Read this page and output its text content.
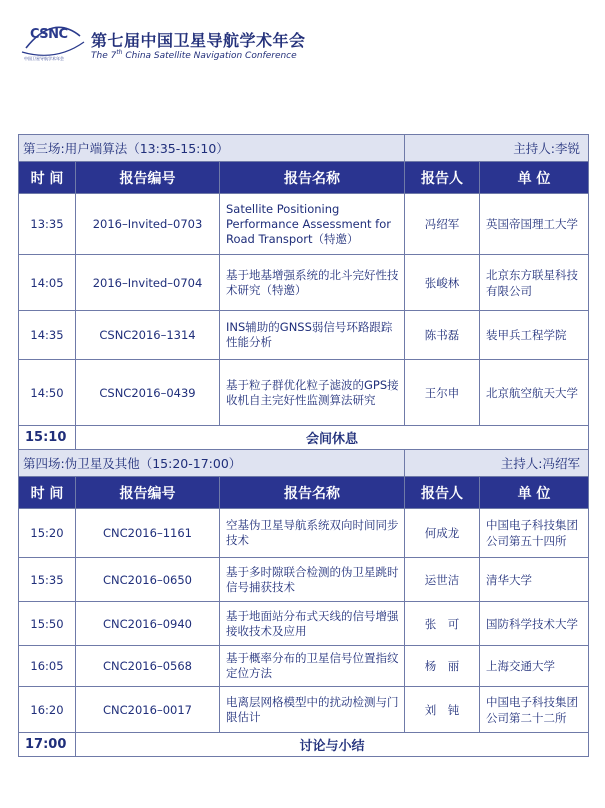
CSNC
中国卫星导航学术年会
第七届中国卫星导航学术年会
The 7th China Satellite Navigation Conference
第三场:用户端算法（13:35-15:10）			主持人:李锐	
时 间	报告编号	报告名称	报告人	单 位
13:35	2016–Invited–0703	Satellite Positioning Performance Assessment for Road Transport（特邀）	冯绍军	英国帝国理工大学
14:05	2016–Invited–0704	基于地基增强系统的北斗完好性技术研究（特邀）	张峻林	北京东方联星科技有限公司
14:35	CSNC2016–1314	INS辅助的GNSS弱信号环路跟踪性能分析	陈书磊	装甲兵工程学院
14:50	CSNC2016–0439	基于粒子群优化粒子滤波的GPS接收机自主完好性监测算法研究	王尔申	北京航空航天大学
15:10	会间休息			
第四场:伪卫星及其他（15:20-17:00）			主持人:冯绍军	
时 间	报告编号	报告名称	报告人	单 位
15:20	CNC2016–1161	空基伪卫星导航系统双向时间同步技术	何成龙	中国电子科技集团公司第五十四所
15:35	CNC2016–0650	基于多时隙联合检测的伪卫星跳时信号捕获技术	运世洁	清华大学
15:50	CNC2016–0940	基于地面站分布式天线的信号增强接收技术及应用	张　可	国防科学技术大学
16:05	CNC2016–0568	基于概率分布的卫星信号位置指纹定位方法	杨　丽	上海交通大学
16:20	CNC2016–0017	电离层网格模型中的扰动检测与门限估计	刘　钝	中国电子科技集团公司第二十二所
17:00	讨论与小结			
